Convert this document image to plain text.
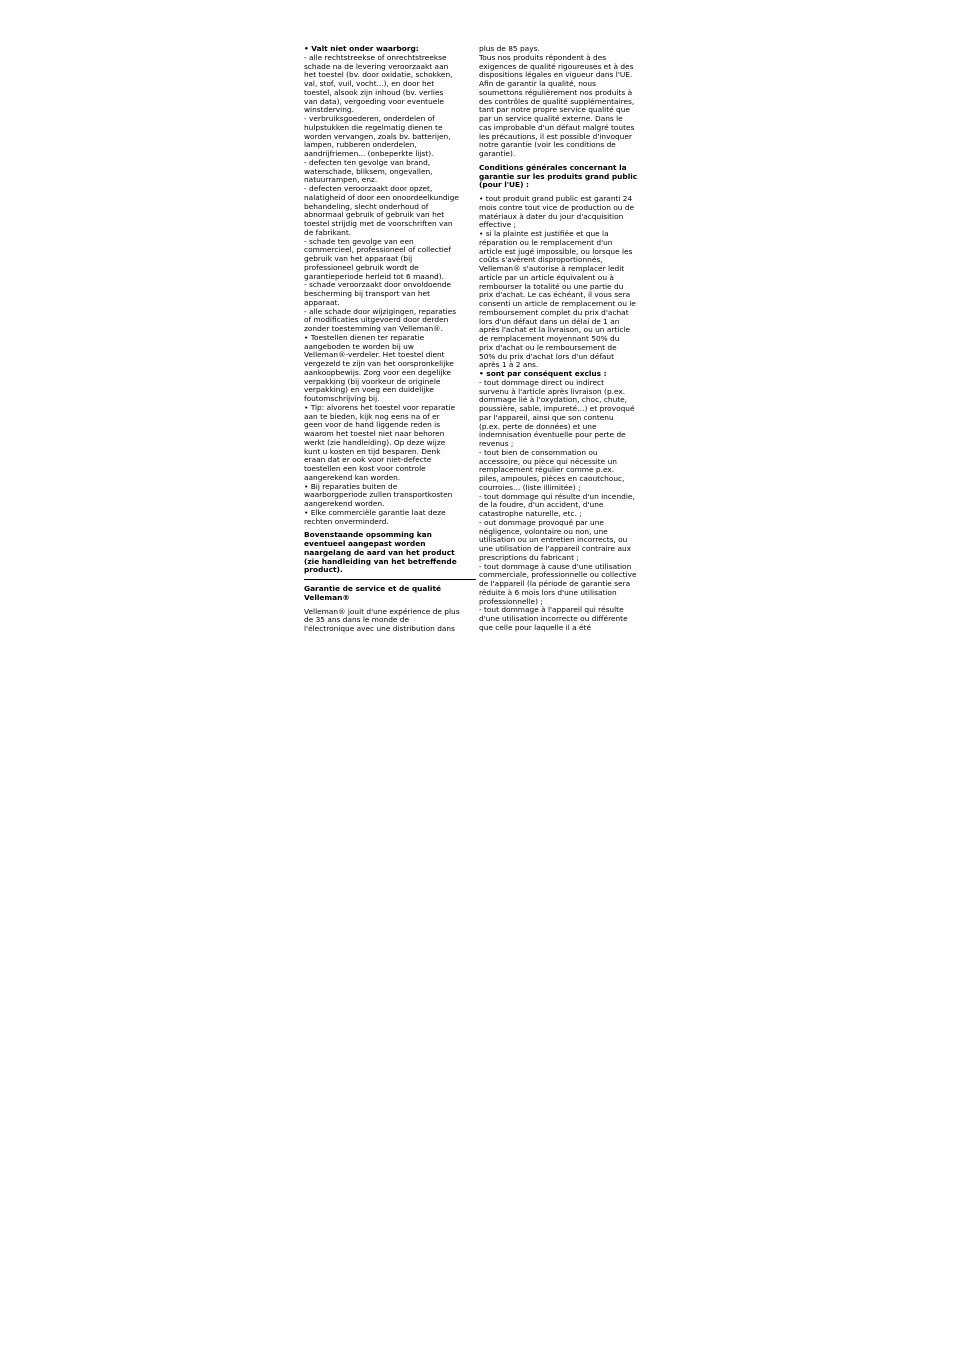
• Valt niet onder waarborg:

- alle rechtstreekse of onrechtstreekse

schade na de levering veroorzaakt aan

het toestel (bv. door oxidatie, schokken,

val, stof, vuil, vocht...), en door het

toestel, alsook zijn inhoud (bv. verlies

van data), vergoeding voor eventuele

winstderving.

- verbruiksgoederen, onderdelen of

hulpstukken die regelmatig dienen te

worden vervangen, zoals bv. batterijen,

lampen, rubberen onderdelen,

aandrijfriemen... (onbeperkte lijst).

- defecten ten gevolge van brand,

waterschade, bliksem, ongevallen,

natuurrampen, enz.

- defecten veroorzaakt door opzet,

nalatigheid of door een onoordeelkundige

behandeling, slecht onderhoud of

abnormaal gebruik of gebruik van het

toestel strijdig met de voorschriften van

de fabrikant.

- schade ten gevolge van een

commercieel, professioneel of collectief

gebruik van het apparaat (bij

professioneel gebruik wordt de

garantieperiode herleid tot 6 maand).

- schade veroorzaakt door onvoldoende

bescherming bij transport van het

apparaat.

- alle schade door wijzigingen, reparaties

of modificaties uitgevoerd door derden

zonder toestemming van Velleman®.

• Toestellen dienen ter reparatie

aangeboden te worden bij uw

Velleman®-verdeler. Het toestel dient

vergezeld te zijn van het oorspronkelijke

aankoopbewijs. Zorg voor een degelijke

verpakking (bij voorkeur de originele

verpakking) en voeg een duidelijke

foutomschrijving bij.

• Tip: alvorens het toestel voor reparatie

aan te bieden, kijk nog eens na of er

geen voor de hand liggende reden is

waarom het toestel niet naar behoren

werkt (zie handleiding). Op deze wijze

kunt u kosten en tijd besparen. Denk

eraan dat er ook voor niet-defecte

toestellen een kost voor controle

aangerekend kan worden.

• Bij reparaties buiten de

waarborgperiode zullen transportkosten

aangerekend worden.

• Elke commerciële garantie laat deze

rechten onverminderd.

Bovenstaande opsomming kan

eventueel aangepast worden

naargelang de aard van het product

(zie handleiding van het betreffende

product).

Garantie de service et de qualité

Velleman®

Velleman® jouit d'une expérience de plus

de 35 ans dans le monde de

l'électronique avec une distribution dans

plus de 85 pays.

Tous nos produits répondent à des

exigences de qualité rigoureuses et à des

dispositions légales en vigueur dans l'UE.

Afin de garantir la qualité, nous

soumettons régulièrement nos produits à

des contrôles de qualité supplémentaires,

tant par notre propre service qualité que

par un service qualité externe. Dans le

cas improbable d'un défaut malgré toutes

les précautions, il est possible d'invoquer

notre garantie (voir les conditions de

garantie).

Conditions générales concernant la

garantie sur les produits grand public

(pour l'UE) :

• tout produit grand public est garanti 24

mois contre tout vice de production ou de

matériaux à dater du jour d'acquisition

effective ;

• si la plainte est justifiée et que la

réparation ou le remplacement d'un

article est jugé impossible, ou lorsque les

coûts s'avèrent disproportionnés,

Velleman® s'autorise à remplacer ledit

article par un article équivalent ou à

rembourser la totalité ou une partie du

prix d'achat. Le cas échéant, il vous sera

consenti un article de remplacement ou le

remboursement complet du prix d'achat

lors d'un défaut dans un délai de 1 an

après l'achat et la livraison, ou un article

de remplacement moyennant 50% du

prix d'achat ou le remboursement de

50% du prix d'achat lors d'un défaut

après 1 à 2 ans.

• sont par conséquent exclus :

- tout dommage direct ou indirect

survenu à l'article après livraison (p.ex.

dommage lié à l'oxydation, choc, chute,

poussière, sable, impureté…) et provoqué

par l'appareil, ainsi que son contenu

(p.ex. perte de données) et une

indemnisation éventuelle pour perte de

revenus ;

- tout bien de consommation ou

accessoire, ou pièce qui nécessite un

remplacement régulier comme p.ex.

piles, ampoules, pièces en caoutchouc,

courroies… (liste illimitée) ;

- tout dommage qui résulte d'un incendie,

de la foudre, d'un accident, d'une

catastrophe naturelle, etc. ;

- out dommage provoqué par une

négligence, volontaire ou non, une

utilisation ou un entretien incorrects, ou

une utilisation de l'appareil contraire aux

prescriptions du fabricant ;

- tout dommage à cause d'une utilisation

commerciale, professionnelle ou collective

de l'appareil (la période de garantie sera

réduite à 6 mois lors d'une utilisation

professionnelle) ;

- tout dommage à l'appareil qui résulte

d'une utilisation incorrecte ou différente

que celle pour laquelle il a été
